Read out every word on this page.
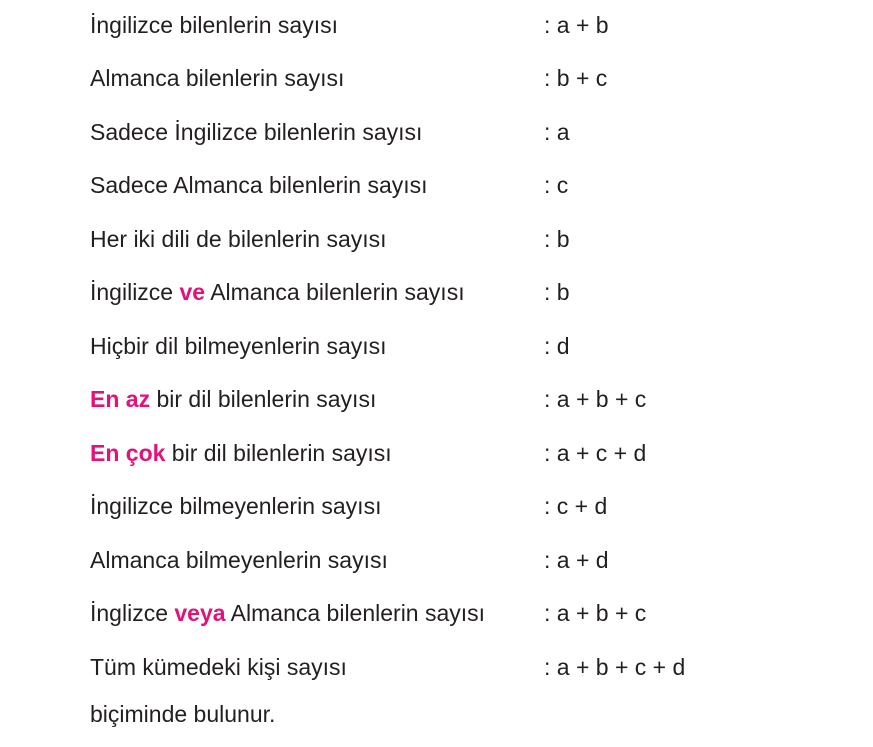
İngilizce bilenlerin sayısı	: a + b
Almanca bilenlerin sayısı	: b + c
Sadece İngilizce bilenlerin sayısı	: a
Sadece Almanca bilenlerin sayısı	: c
Her iki dili de bilenlerin sayısı	: b
İngilizce ve Almanca bilenlerin sayısı	: b
Hiçbir dil bilmeyenlerin sayısı	: d
En az bir dil bilenlerin sayısı	: a + b + c
En çok bir dil bilenlerin sayısı	: a + c + d
İngilizce bilmeyenlerin sayısı	: c + d
Almanca bilmeyenlerin sayısı	: a + d
İnglizce veya Almanca bilenlerin sayısı	: a + b + c
Tüm kümedeki kişi sayısı	: a + b + c + d
biçiminde bulunur.
